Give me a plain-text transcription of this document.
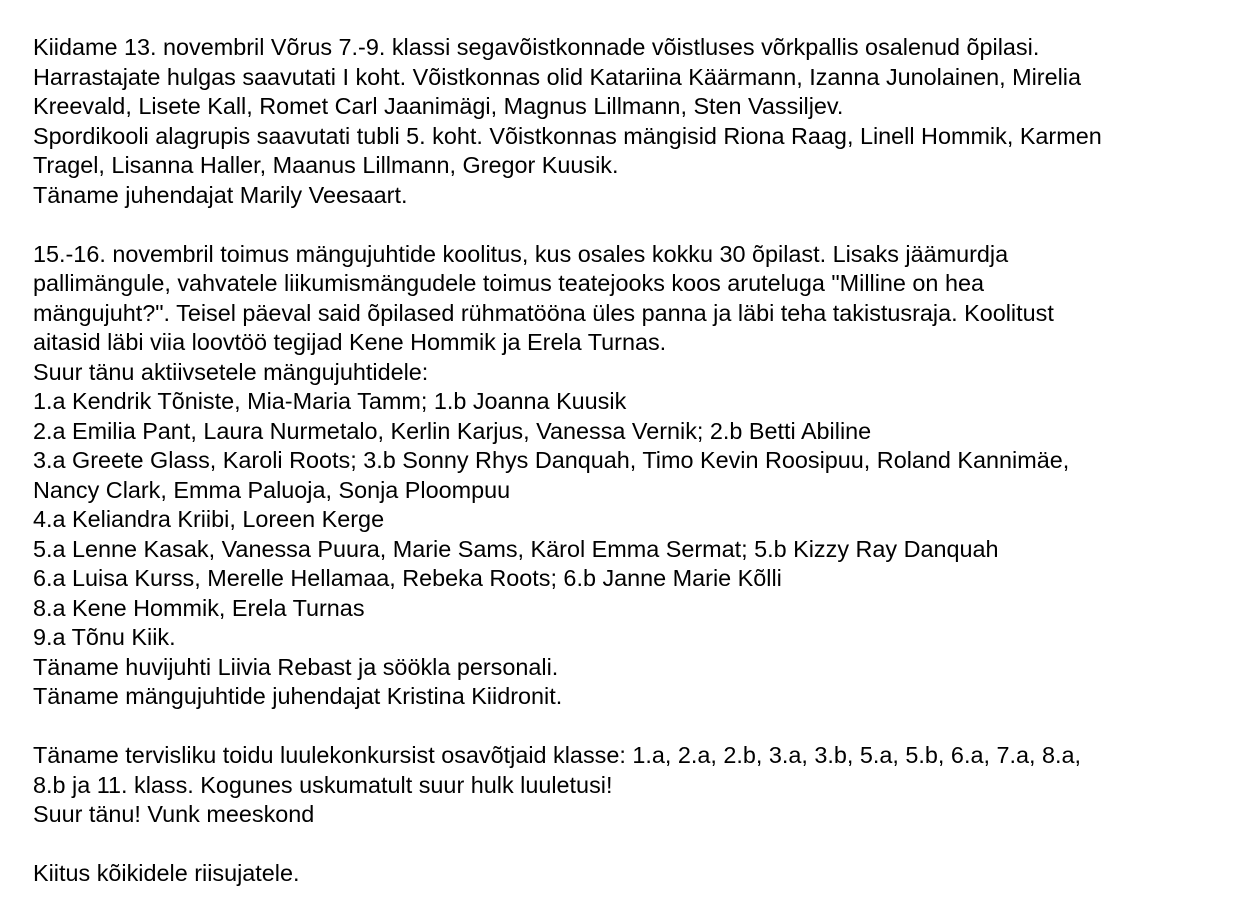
Kiidame 13. novembril Võrus 7.-9. klassi segavõistkonnade võistluses võrkpallis osalenud õpilasi.
Harrastajate hulgas saavutati I koht. Võistkonnas olid Katariina Käärmann, Izanna Junolainen, Mirelia
Kreevald, Lisete Kall, Romet Carl Jaanimägi, Magnus Lillmann, Sten Vassiljev.
Spordikooli alagrupis saavutati tubli 5. koht. Võistkonnas mängisid Riona Raag, Linell Hommik, Karmen
Tragel, Lisanna Haller, Maanus Lillmann, Gregor Kuusik.
Täname juhendajat Marily Veesaart.
15.-16. novembril toimus mängujuhtide koolitus, kus osales kokku 30 õpilast. Lisaks jäämurdja
pallimängule, vahvatele liikumismängudele toimus teatejooks koos aruteluga "Milline on hea
mängujuht?". Teisel päeval said õpilased rühmatööna üles panna ja läbi teha takistusraja. Koolitust
aitasid läbi viia loovtöö tegijad Kene Hommik ja Erela Turnas.
Suur tänu aktiivsetele mängujuhtidele:
1.a Kendrik Tõniste, Mia-Maria Tamm; 1.b Joanna Kuusik
2.a Emilia Pant, Laura Nurmetalo, Kerlin Karjus, Vanessa Vernik; 2.b Betti Abiline
3.a Greete Glass, Karoli Roots; 3.b Sonny Rhys Danquah, Timo Kevin Roosipuu, Roland Kannimäe,
Nancy Clark, Emma Paluoja, Sonja Ploompuu
4.a Keliandra Kriibi, Loreen Kerge
5.a Lenne Kasak, Vanessa Puura, Marie Sams, Kärol Emma Sermat; 5.b Kizzy Ray Danquah
6.a Luisa Kurss, Merelle Hellamaa, Rebeka Roots; 6.b Janne Marie Kõlli
8.a Kene Hommik, Erela Turnas
9.a Tõnu Kiik.
Täname huvijuhti Liivia Rebast ja söökla personali.
Täname mängujuhtide juhendajat Kristina Kiidronit.
Täname tervisliku toidu luulekonkursist osavõtjaid klasse: 1.a, 2.a, 2.b, 3.a, 3.b, 5.a, 5.b, 6.a, 7.a, 8.a,
8.b ja 11. klass. Kogunes uskumatult suur hulk luuletusi!
Suur tänu! Vunk meeskond
Kiitus kõikidele riisujatele.
